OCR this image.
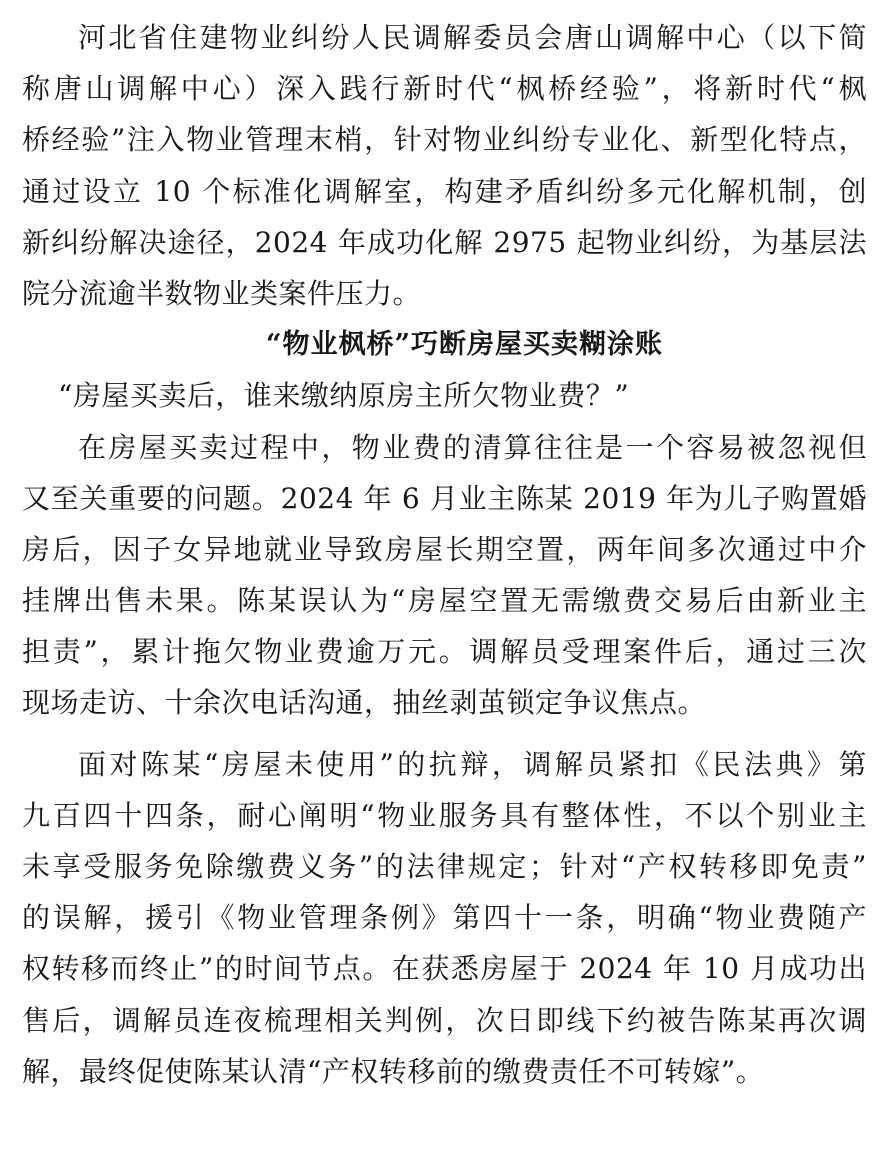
河北省住建物业纠纷人民调解委员会唐山调解中心（以下简
称唐山调解中心）深入践行新时代“枫桥经验”，将新时代“枫
桥经验”注入物业管理末梢，针对物业纠纷专业化、新型化特点，
通过设立 10 个标准化调解室，构建矛盾纠纷多元化解机制，创
新纠纷解决途径，2024 年成功化解 2975 起物业纠纷，为基层法
院分流逾半数物业类案件压力。
“物业枫桥”巧断房屋买卖糊涂账
“房屋买卖后，谁来缴纳原房主所欠物业费？”
在房屋买卖过程中，物业费的清算往往是一个容易被忽视但
又至关重要的问题。2024 年 6 月业主陈某 2019 年为儿子购置婚
房后，因子女异地就业导致房屋长期空置，两年间多次通过中介
挂牌出售未果。陈某误认为“房屋空置无需缴费交易后由新业主
担责”，累计拖欠物业费逾万元。调解员受理案件后，通过三次
现场走访、十余次电话沟通，抽丝剥茧锁定争议焦点。
面对陈某“房屋未使用”的抗辩，调解员紧扣《民法典》第
九百四十四条，耐心阐明“物业服务具有整体性，不以个别业主
未享受服务免除缴费义务”的法律规定；针对“产权转移即免责”
的误解，援引《物业管理条例》第四十一条，明确“物业费随产
权转移而终止”的时间节点。在获悉房屋于 2024 年 10 月成功出
售后，调解员连夜梳理相关判例，次日即线下约被告陈某再次调
解，最终促使陈某认清“产权转移前的缴费责任不可转嫁”。
